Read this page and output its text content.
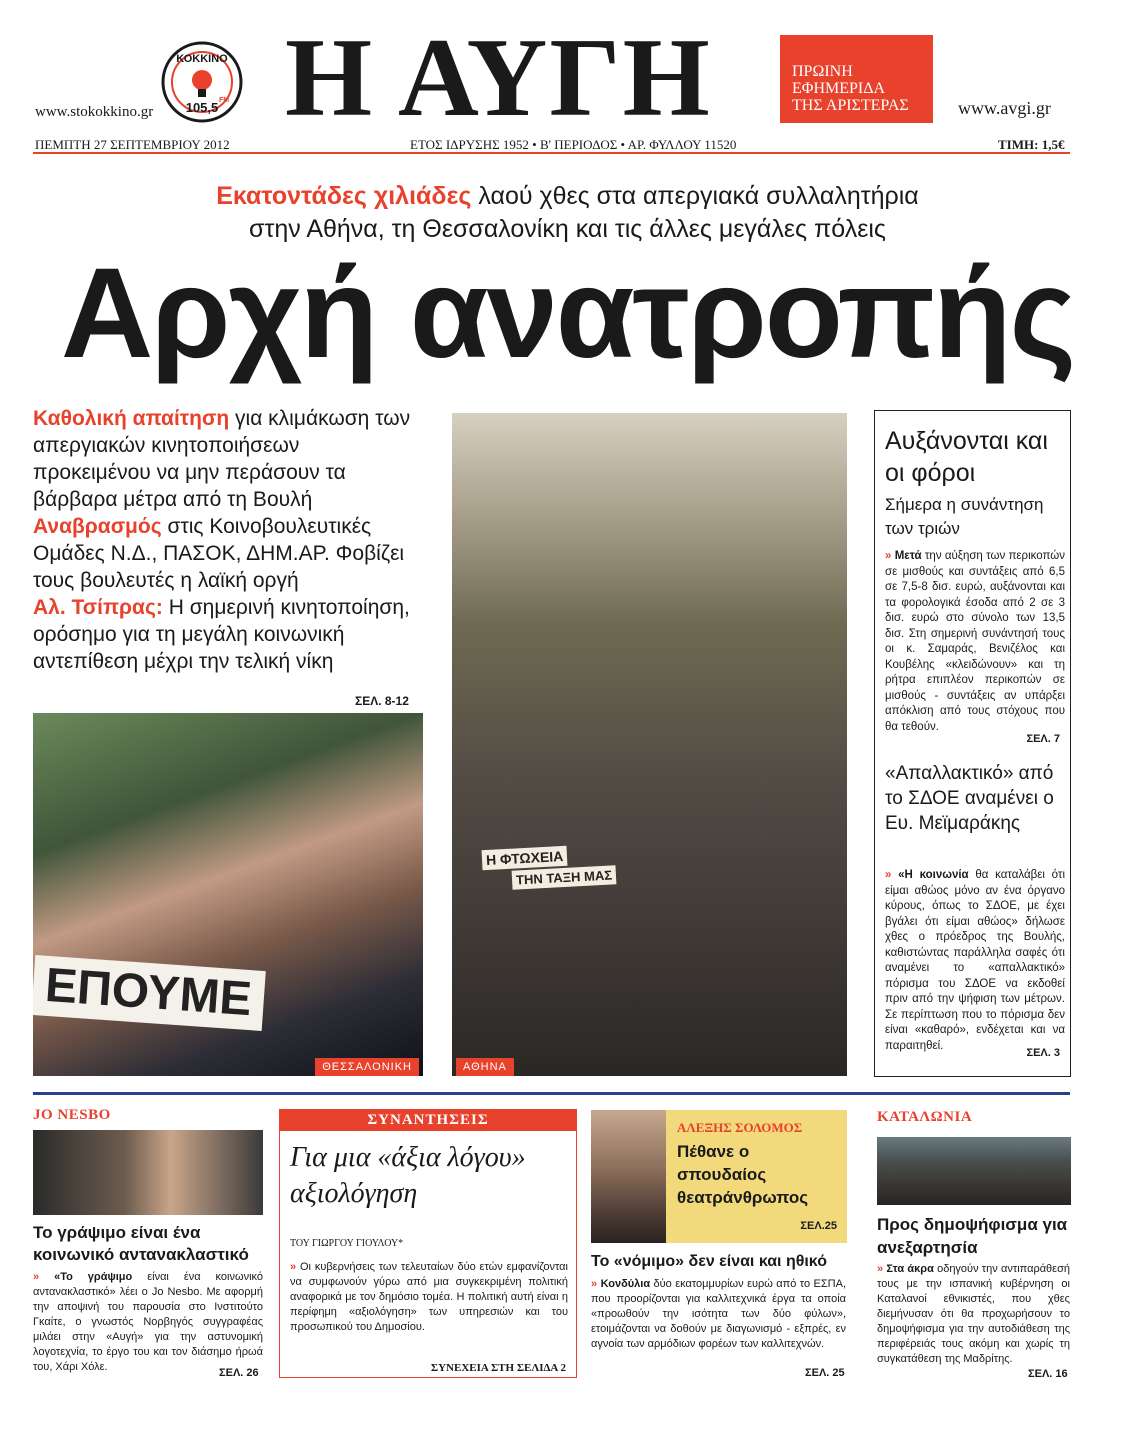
www.stokokkino.gr
ΚΟΚΚΙΝΟ
105,5 FM Η ΑΥΓΗ	ΠΡΩΙΝΗ
ΕΦΗΜΕΡΙΔΑ
ΤΗΣ ΑΡΙΣΤΕΡΑΣ	www.avgi.gr
ΠΕΜΠΤΗ 27 ΣΕΠΤΕΜΒΡΙΟΥ 2012	ΕΤΟΣ ΙΔΡΥΣΗΣ 1952 • Β' ΠΕΡΙΟΔΟΣ • ΑΡ. ΦΥΛΛΟΥ 11520	ΤΙΜΗ: 1,5€
Εκατοντάδες χιλιάδες λαού χθες στα απεργιακά συλλαλητήρια
στην Αθήνα, τη Θεσσαλονίκη και τις άλλες μεγάλες πόλεις
Αρχή ανατροπής
Καθολική απαίτηση για κλιμάκωση των απεργιακών κινητοποιήσεων προκειμένου να μην περάσουν τα βάρβαρα μέτρα από τη Βουλή
Αναβρασμός στις Κοινοβουλευτικές Ομάδες Ν.Δ., ΠΑΣΟΚ, ΔΗΜ.ΑΡ. Φοβίζει τους βουλευτές η λαϊκή οργή
Αλ. Τσίπρας: Η σημερινή κινητοποίηση, ορόσημο για τη μεγάλη κοινωνική αντεπίθεση μέχρι την τελική νίκη
ΣΕΛ. 8-12
ΕΠΟΥΜΕ
ΘΕΣΣΑΛΟΝΙΚΗ
Η ΦΤΩΧΕΙΑ
ΤΗΝ ΤΑΞΗ ΜΑΣ
ΑΘΗΝΑ
Αυξάνονται και οι φόροι
Σήμερα η συνάντηση των τριών
» Μετά την αύξηση των περικοπών σε μισθούς και συντάξεις από 6,5 σε 7,5-8 δισ. ευρώ, αυξάνονται και τα φορολογικά έσοδα από 2 σε 3 δισ. ευρώ στο σύνολο των 13,5 δισ. Στη σημερινή συνάντησή τους οι κ. Σαμαράς, Βενιζέλος και Κουβέλης «κλειδώνουν» και τη ρήτρα επιπλέον περικοπών σε μισθούς - συντάξεις αν υπάρξει απόκλιση από τους στόχους που θα τεθούν.
ΣΕΛ. 7
«Απαλλακτικό» από το ΣΔΟΕ αναμένει ο Ευ. Μεϊμαράκης
» «Η κοινωνία θα καταλάβει ότι είμαι αθώος μόνο αν ένα όργανο κύρους, όπως το ΣΔΟΕ, με έχει βγάλει ότι είμαι αθώος» δήλωσε χθες ο πρόεδρος της Βουλής, καθιστώντας παράλληλα σαφές ότι αναμένει το «απαλλακτικό» πόρισμα του ΣΔΟΕ να εκδοθεί πριν από την ψήφιση των μέτρων. Σε περίπτωση που το πόρισμα δεν είναι «καθαρό», ενδέχεται και να παραιτηθεί.
ΣΕΛ. 3
JO NESBO
Το γράψιμο είναι ένα κοινωνικό αντανακλαστικό
» «Το γράψιμο είναι ένα κοινωνικό αντανακλαστικό» λέει ο Jo Nesbo. Με αφορμή την αποψινή του παρουσία στο Ινστιτούτο Γκαίτε, ο γνωστός Νορβηγός συγγραφέας μιλάει στην «Αυγή» για την αστυνομική λογοτεχνία, το έργο του και τον διάσημο ήρωά του, Χάρι Χόλε.	ΣΕΛ. 26
ΣΥΝΑΝΤΗΣΕΙΣ
Για μια «άξια λόγου» αξιολόγηση
ΤΟΥ ΓΙΩΡΓΟΥ ΓΙΟΥΛΟΥ*
» Οι κυβερνήσεις των τελευταίων δύο ετών εμφανίζονται να συμφωνούν γύρω από μια συγκεκριμένη πολιτική αναφορικά με τον δημόσιο τομέα. Η πολιτική αυτή είναι η περίφημη «αξιολόγηση» των υπηρεσιών και του προσωπικού του Δημοσίου.
ΣΥΝΕΧΕΙΑ ΣΤΗ ΣΕΛΙΔΑ 2
ΑΛΕΞΗΣ ΣΟΛΟΜΟΣ
Πέθανε ο σπουδαίος θεατράνθρωπος
ΣΕΛ.25
Το «νόμιμο» δεν είναι και ηθικό
» Κονδύλια δύο εκατομμυρίων ευρώ από το ΕΣΠΑ, που προορίζονται για καλλιτεχνικά έργα τα οποία «προωθούν την ισότητα των δύο φύλων», ετοιμάζονται να δοθούν με διαγωνισμό - εξπρές, εν αγνοία των αρμόδιων φορέων των καλλιτεχνών.
ΣΕΛ. 25
ΚΑΤΑΛΩΝΙΑ
Προς δημοψήφισμα για ανεξαρτησία
» Στα άκρα οδηγούν την αντιπαράθεσή τους με την ισπανική κυβέρνηση οι Καταλανοί εθνικιστές, που χθες διεμήνυσαν ότι θα προχωρήσουν το δημοψήφισμα για την αυτοδιάθεση της περιφέρειάς τους ακόμη και χωρίς τη συγκατάθεση της Μαδρίτης.
ΣΕΛ. 16
